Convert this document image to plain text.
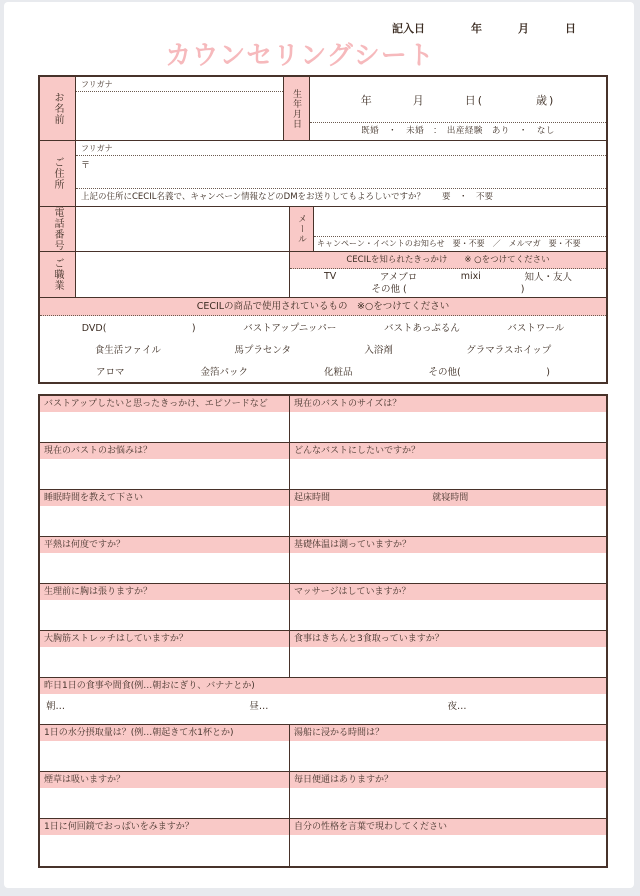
記入日	年	月	日
カウンセリングシート
お名前
フリガナ
生年月日	年　　　月　　　日(　　　　歳)
既婚　・　未婚　：　出産経験　あり　・　なし
ご住所
フリガナ
〒
上記の住所にCECIL名義で、キャンペーン情報などのDMをお送りしてもよろしいですか？　　要　・　不要
電話番号	メール	キャンペーン・イベントのお知らせ　要・不要　／　メルマガ　要・不要
ご職業	CECILを知られたきっかけ　　※ ○をつけてください
TV	アメブロ	mixi	知人・友人
その他 (　　　　　　　　　　　　)
CECILの商品で使用されているもの　※○をつけてください
DVD(　　　　　　　　　)	バストアップニッパー	バストあっぷるん	バストワール
食生活ファイル	馬プラセンタ	入浴剤	グラマラスホイップ
アロマ	金箔パック	化粧品	その他(　　　　　　　　　)
バストアップしたいと思ったきっかけ、エピソードなど	現在のバストのサイズは？
現在のバストのお悩みは？	どんなバストにしたいですか？
睡眠時間を教えて下さい	起床時間	就寝時間
平熱は何度ですか？	基礎体温は測っていますか？
生理前に胸は張りますか？	マッサージはしていますか？
大胸筋ストレッチはしていますか？	食事はきちんと3食取っていますか？
昨日1日の食事や間食(例…朝おにぎり、バナナとか)
朝…	昼…	夜…
1日の水分摂取量は？(例…朝起きて水1杯とか)	湯船に浸かる時間は？
煙草は吸いますか？	毎日便通はありますか？
1日に何回鏡でおっぱいをみますか？	自分の性格を言葉で現わしてください
